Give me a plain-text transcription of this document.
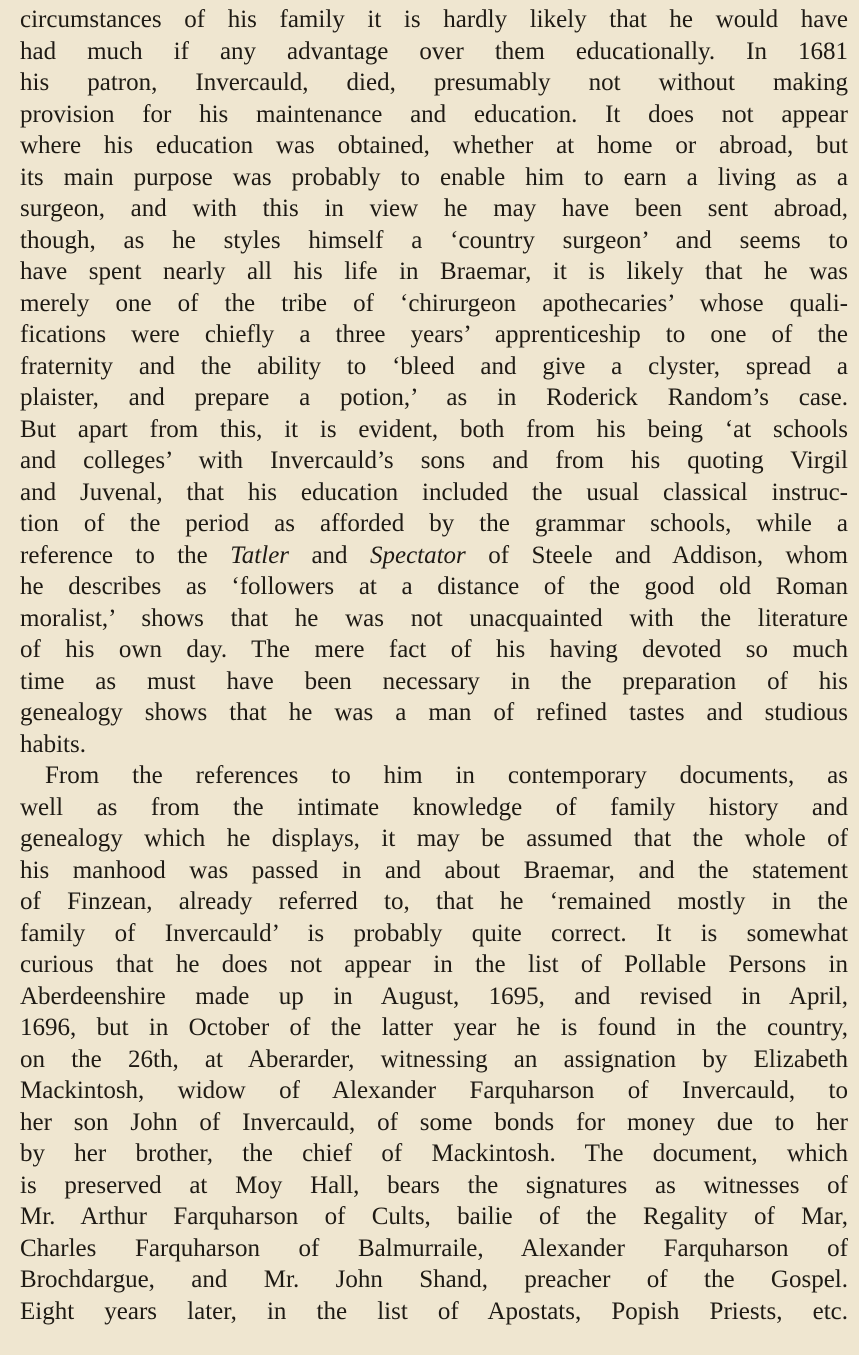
circumstances of his family it is hardly likely that he would have
had much if any advantage over them educationally. In 1681
his patron, Invercauld, died, presumably not without making
provision for his maintenance and education. It does not appear
where his education was obtained, whether at home or abroad, but
its main purpose was probably to enable him to earn a living as a
surgeon, and with this in view he may have been sent abroad,
though, as he styles himself a ‘country surgeon’ and seems to
have spent nearly all his life in Braemar, it is likely that he was
merely one of the tribe of ‘chirurgeon apothecaries’ whose quali-
fications were chiefly a three years’ apprenticeship to one of the
fraternity and the ability to ‘bleed and give a clyster, spread a
plaister, and prepare a potion,’ as in Roderick Random’s case.
But apart from this, it is evident, both from his being ‘at schools
and colleges’ with Invercauld’s sons and from his quoting Virgil
and Juvenal, that his education included the usual classical instruc-
tion of the period as afforded by the grammar schools, while a
reference to the Tatler and Spectator of Steele and Addison, whom
he describes as ‘followers at a distance of the good old Roman
moralist,’ shows that he was not unacquainted with the literature
of his own day. The mere fact of his having devoted so much
time as must have been necessary in the preparation of his
genealogy shows that he was a man of refined tastes and studious
habits.
From the references to him in contemporary documents, as
well as from the intimate knowledge of family history and
genealogy which he displays, it may be assumed that the whole of
his manhood was passed in and about Braemar, and the statement
of Finzean, already referred to, that he ‘remained mostly in the
family of Invercauld’ is probably quite correct. It is somewhat
curious that he does not appear in the list of Pollable Persons in
Aberdeenshire made up in August, 1695, and revised in April,
1696, but in October of the latter year he is found in the country,
on the 26th, at Aberarder, witnessing an assignation by Elizabeth
Mackintosh, widow of Alexander Farquharson of Invercauld, to
her son John of Invercauld, of some bonds for money due to her
by her brother, the chief of Mackintosh. The document, which
is preserved at Moy Hall, bears the signatures as witnesses of
Mr. Arthur Farquharson of Cults, bailie of the Regality of Mar,
Charles Farquharson of Balmurraile, Alexander Farquharson of
Brochdargue, and Mr. John Shand, preacher of the Gospel.
Eight years later, in the list of Apostats, Popish Priests, etc.
